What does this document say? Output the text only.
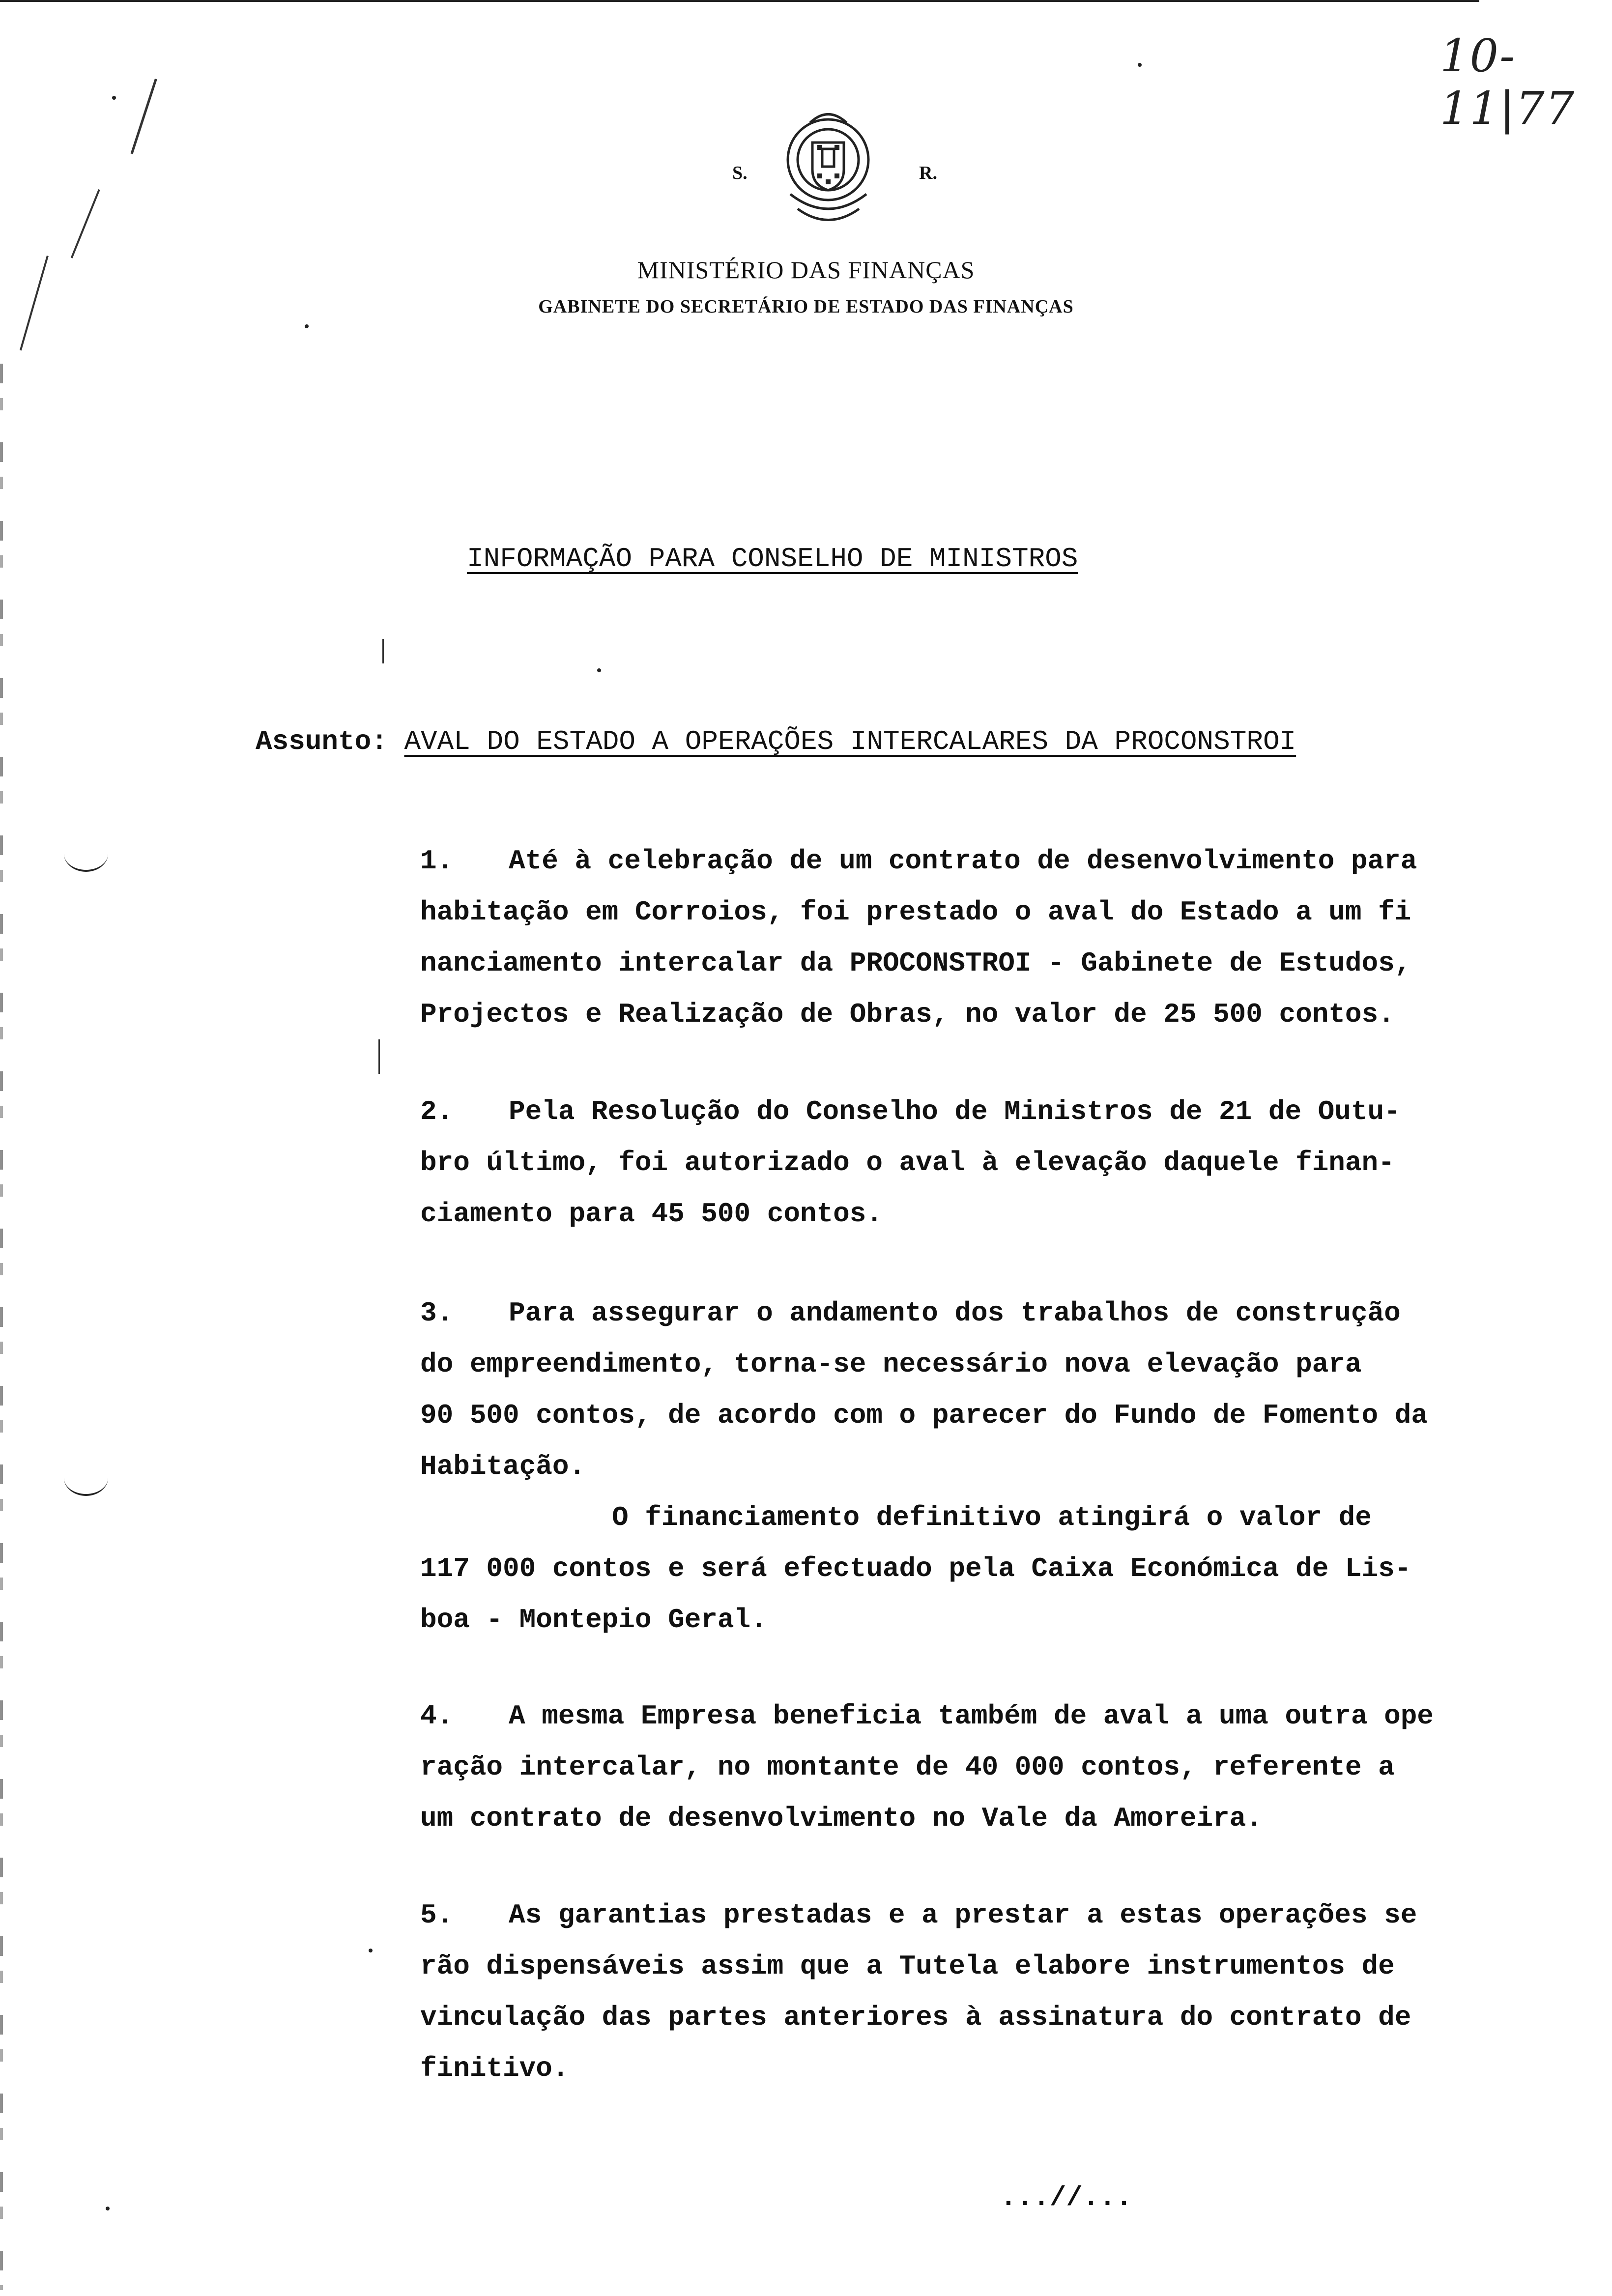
10-11|77
S.	R.
MINISTÉRIO DAS FINANÇAS
GABINETE DO SECRETÁRIO DE ESTADO DAS FINANÇAS
INFORMAÇÃO PARA CONSELHO DE MINISTROS
Assunto: AVAL DO ESTADO A OPERAÇÕES INTERCALARES DA PROCONSTROI
1. Até à celebração de um contrato de desenvolvimento para
habitação em Corroios, foi prestado o aval do Estado a um fi
nanciamento intercalar da PROCONSTROI - Gabinete de Estudos,
Projectos e Realização de Obras, no valor de 25 500 contos.
2. Pela Resolução do Conselho de Ministros de 21 de Outu-
bro último, foi autorizado o aval à elevação daquele finan-
ciamento para 45 500 contos.
3. Para assegurar o andamento dos trabalhos de construção
do empreendimento, torna-se necessário nova elevação para
90 500 contos, de acordo com o parecer do Fundo de Fomento da
Habitação.
O financiamento definitivo atingirá o valor de
117 000 contos e será efectuado pela Caixa Económica de Lis-
boa - Montepio Geral.
4. A mesma Empresa beneficia também de aval a uma outra ope
ração intercalar, no montante de 40 000 contos, referente a
um contrato de desenvolvimento no Vale da Amoreira.
5. As garantias prestadas e a prestar a estas operações se
rão dispensáveis assim que a Tutela elabore instrumentos de
vinculação das partes anteriores à assinatura do contrato de
finitivo.
...//...
